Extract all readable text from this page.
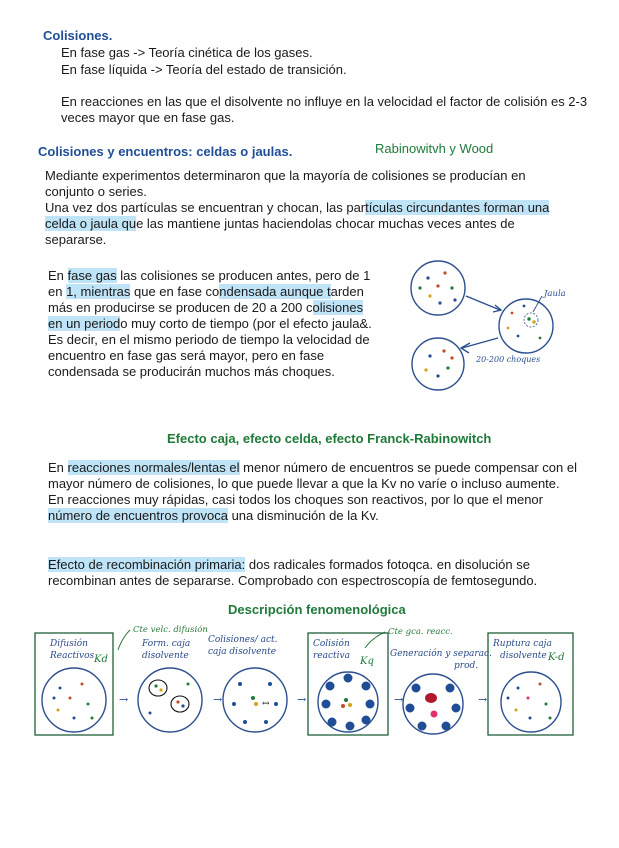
Colisiones.
En fase gas -> Teoría cinética de los gases.
En fase líquida -> Teoría del estado de transición.
En reacciones en las que el disolvente no influye en la velocidad el factor de colisión es 2-3
veces mayor que en fase gas.
Colisiones y encuentros: celdas o jaulas.	Rabinowitvh y Wood
Mediante experimentos determinaron que la mayoría de colisiones se producían en
conjunto o series.
Una vez dos partículas se encuentran y chocan, las partículas circundantes forman una
celda o jaula que las mantiene juntas haciendolas chocar muchas veces antes de
separarse.
En fase gas las colisiones se producen antes, pero de 1
en 1, mientras que en fase condensada aunque tarden
más en producirse se producen de 20 a 200 colisiones
en un periodo muy corto de tiempo (por el efecto jaula&.
Es decir, en el mismo periodo de tiempo la velocidad de
encuentro en fase gas será mayor, pero en fase
condensada se producirán muchos más choques.
Jaula
20-200 choques
Efecto caja, efecto celda, efecto Franck-Rabinowitch
En reacciones normales/lentas el menor número de encuentros se puede compensar con el
mayor número de colisiones, lo que puede llevar a que la Kv no varíe o incluso aumente.
En reacciones muy rápidas, casi todos los choques son reactivos, por lo que el menor
número de encuentros provoca una disminución de la Kv.
Efecto de recombinación primaria: dos radicales formados fotoqca. en disolución se
recombinan antes de separarse. Comprobado con espectroscopía de femtosegundo.
Descripción fenomenológica
Cte velc. difusión	Cte gca. reacc.
Difusión
Reactivos Kd
→
Form. caja
disolvente
→
Colisiones/ act.
caja disolvente
↔ →
Colisión
reactiva Kq
→
Generación y separac.
prod.
→
Ruptura caja
disolvente K-d
